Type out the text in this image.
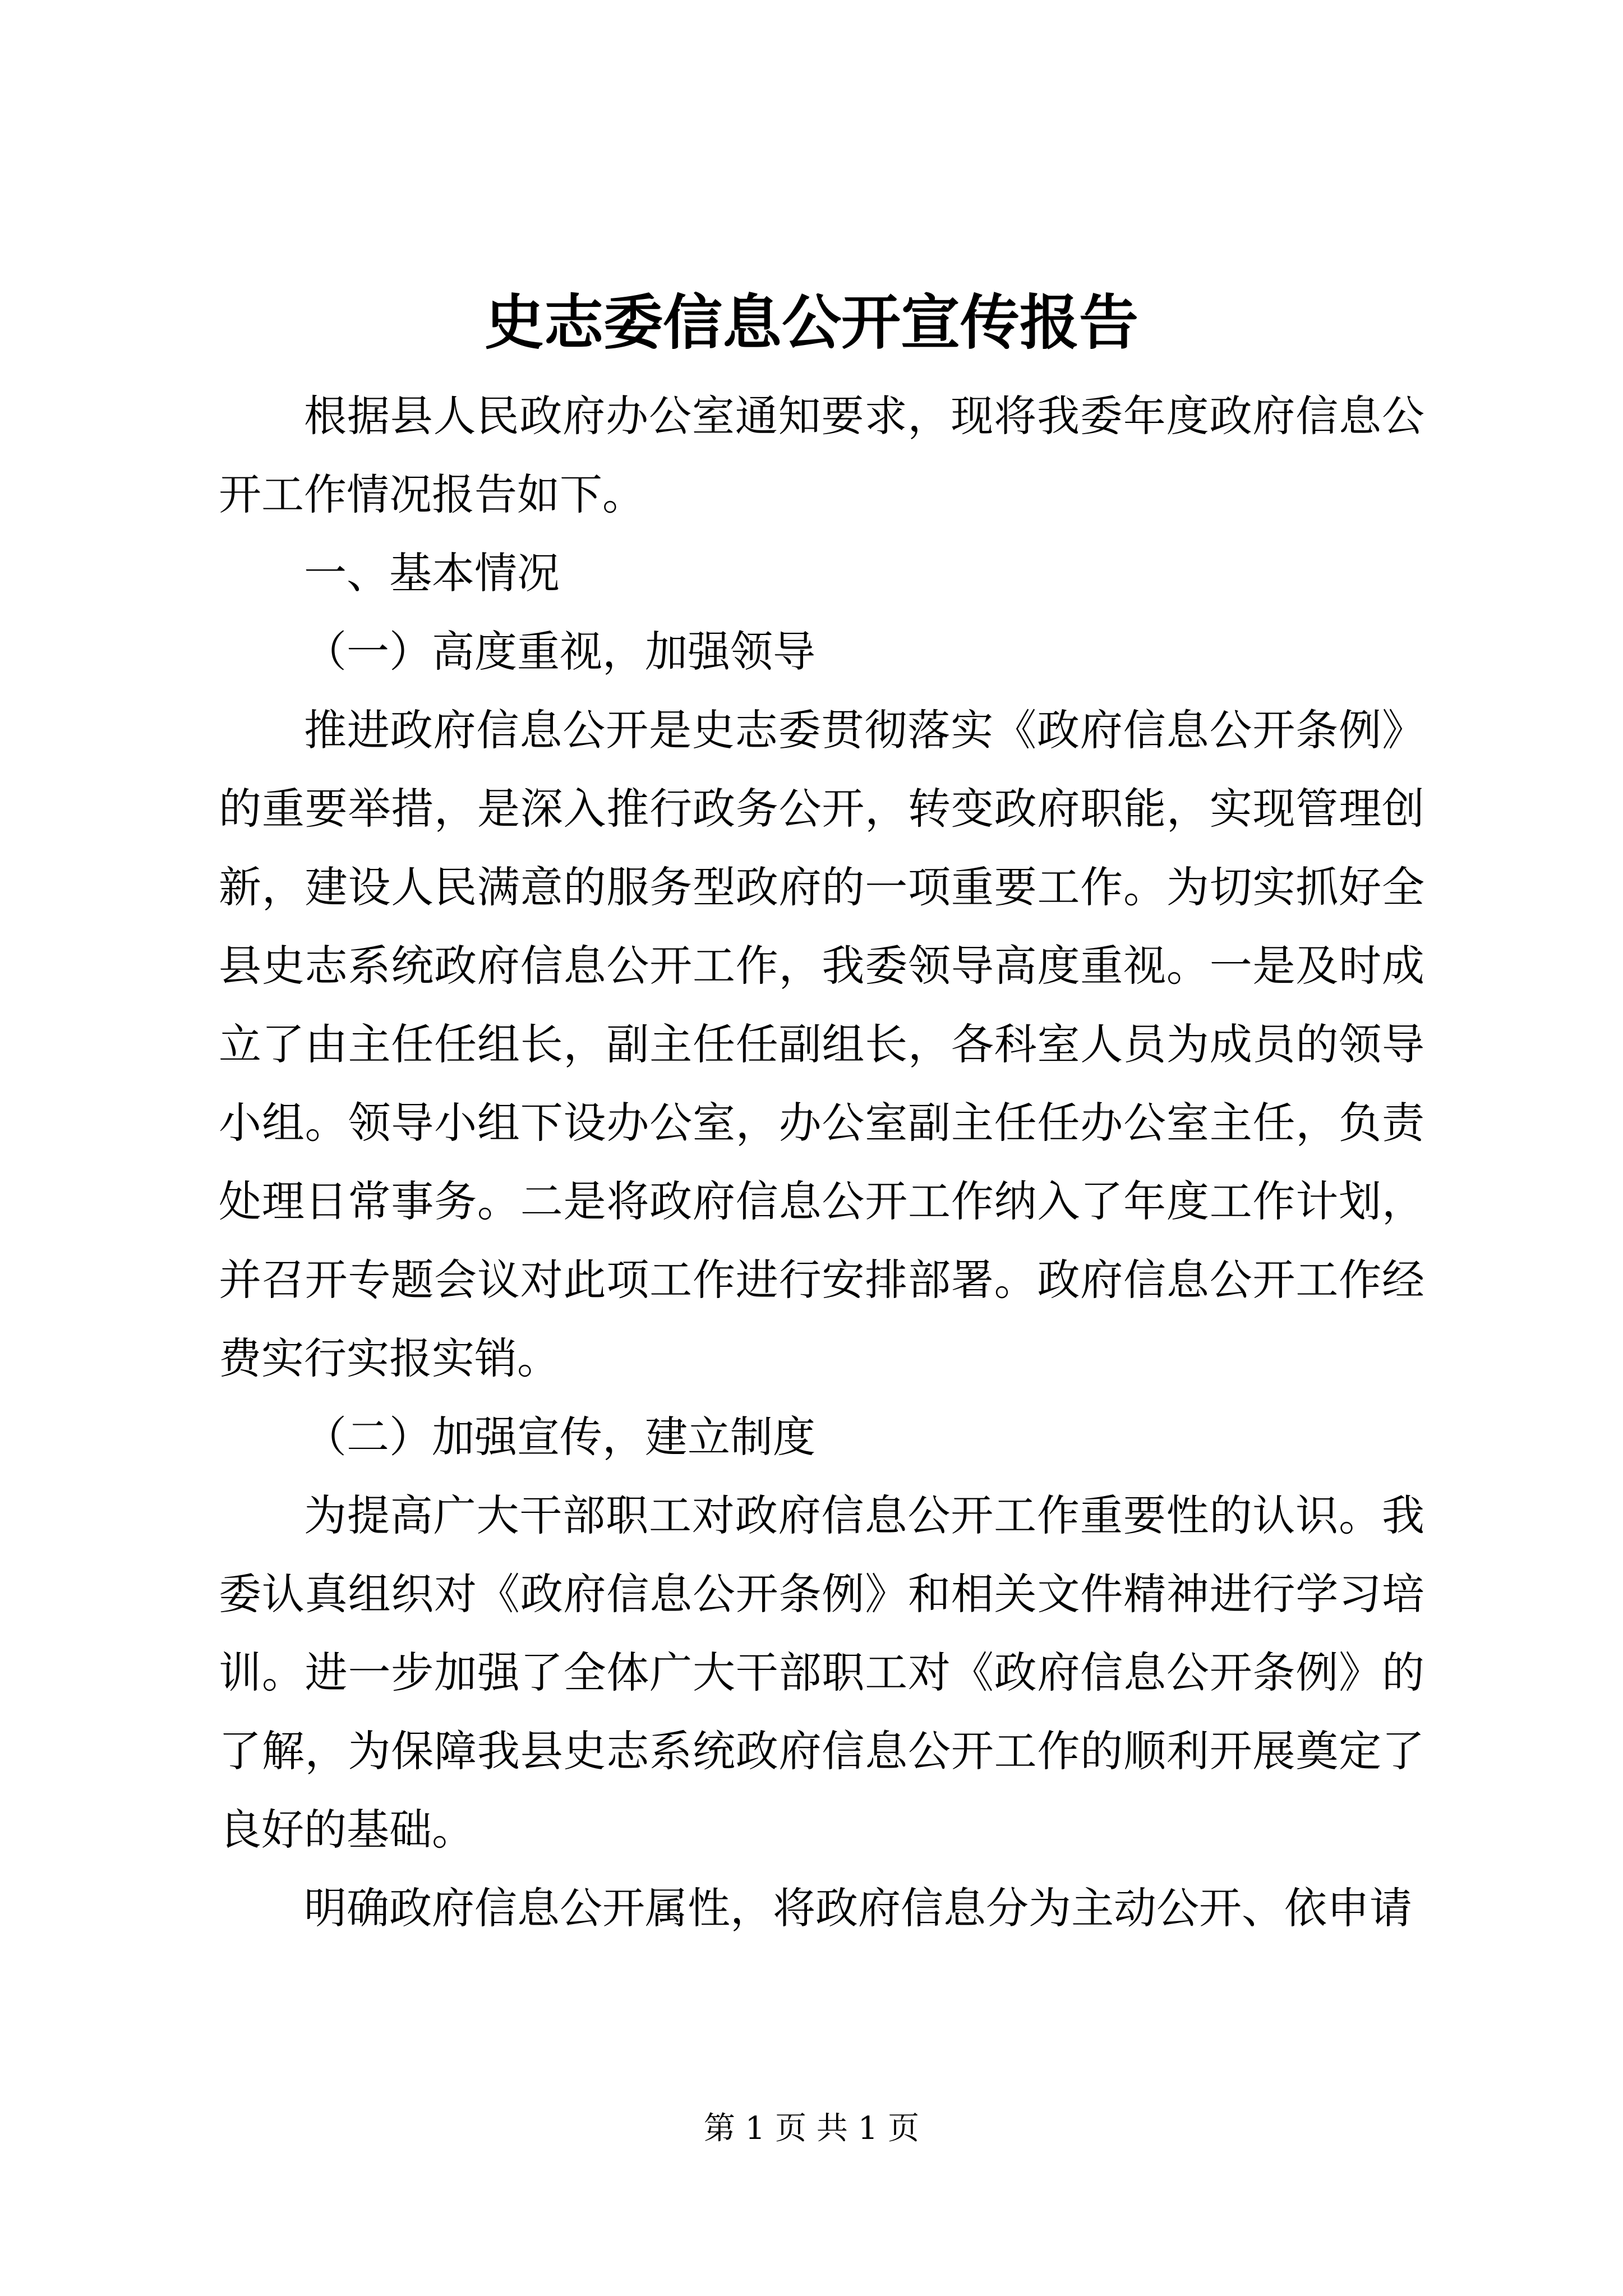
史志委信息公开宣传报告

根据县人民政府办公室通知要求，现将我委年度政府信息公开工作情况报告如下。

一、基本情况

（一）高度重视，加强领导

推进政府信息公开是史志委贯彻落实《政府信息公开条例》的重要举措，是深入推行政务公开，转变政府职能，实现管理创新，建设人民满意的服务型政府的一项重要工作。为切实抓好全县史志系统政府信息公开工作，我委领导高度重视。一是及时成立了由主任任组长，副主任任副组长，各科室人员为成员的领导小组。领导小组下设办公室，办公室副主任任办公室主任，负责处理日常事务。二是将政府信息公开工作纳入了年度工作计划，并召开专题会议对此项工作进行安排部署。政府信息公开工作经费实行实报实销。

（二）加强宣传，建立制度

为提高广大干部职工对政府信息公开工作重要性的认识。我委认真组织对《政府信息公开条例》和相关文件精神进行学习培训。进一步加强了全体广大干部职工对《政府信息公开条例》的了解，为保障我县史志系统政府信息公开工作的顺利开展奠定了良好的基础。

明确政府信息公开属性，将政府信息分为主动公开、依申请

第 1 页 共 1 页
